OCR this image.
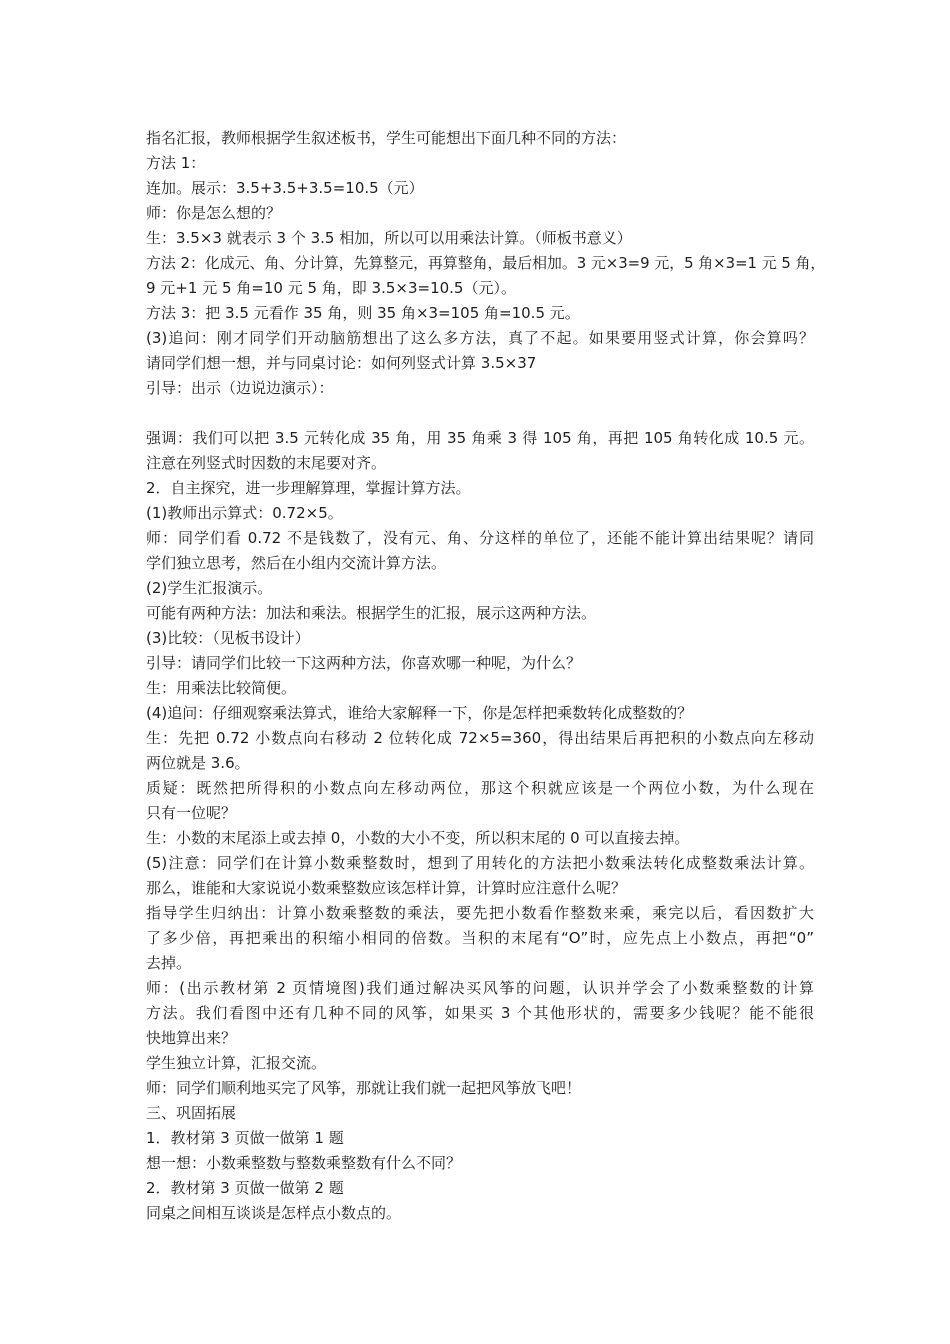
指名汇报，教师根据学生叙述板书，学生可能想出下面几种不同的方法：
方法 1：
连加。展示：3.5+3.5+3.5=10.5（元）
师：你是怎么想的？
生：3.5×3 就表示 3 个 3.5 相加，所以可以用乘法计算。（师板书意义）
方法 2：化成元、角、分计算，先算整元，再算整角，最后相加。3 元×3=9 元，5 角×3=1 元 5 角，
9 元+1 元 5 角=10 元 5 角，即 3.5×3=10.5（元）。
方法 3：把 3.5 元看作 35 角，则 35 角×3=105 角=10.5 元。
(3)追问：刚才同学们开动脑筋想出了这么多方法，真了不起。如果要用竖式计算，你会算吗？
请同学们想一想，并与同桌讨论：如何列竖式计算 3.5×37
引导：出示（边说边演示）：
强调：我们可以把 3.5 元转化成 35 角，用 35 角乘 3 得 105 角，再把 105 角转化成 10.5 元。
注意在列竖式时因数的末尾要对齐。
2．自主探究，进一步理解算理，掌握计算方法。
(1)教师出示算式：0.72×5。
师：同学们看 0.72 不是钱数了，没有元、角、分这样的单位了，还能不能计算出结果呢？请同
学们独立思考，然后在小组内交流计算方法。
(2)学生汇报演示。
可能有两种方法：加法和乘法。根据学生的汇报，展示这两种方法。
(3)比较：（见板书设计）
引导：请同学们比较一下这两种方法，你喜欢哪一种呢，为什么？
生：用乘法比较简便。
(4)追问：仔细观察乘法算式，谁给大家解释一下，你是怎样把乘数转化成整数的？
生：先把 0.72 小数点向右移动 2 位转化成 72×5=360，得出结果后再把积的小数点向左移动
两位就是 3.6。
质疑：既然把所得积的小数点向左移动两位，那这个积就应该是一个两位小数，为什么现在
只有一位呢？
生：小数的末尾添上或去掉 0，小数的大小不变，所以积末尾的 0 可以直接去掉。
(5)注意：同学们在计算小数乘整数时，想到了用转化的方法把小数乘法转化成整数乘法计算。
那么，谁能和大家说说小数乘整数应该怎样计算，计算时应注意什么呢？
指导学生归纳出：计算小数乘整数的乘法，要先把小数看作整数来乘，乘完以后，看因数扩大
了多少倍，再把乘出的积缩小相同的倍数。当积的末尾有“O”时，应先点上小数点，再把“0”
去掉。
师：(出示教材第 2 页情境图)我们通过解决买风筝的问题，认识并学会了小数乘整数的计算
方法。我们看图中还有几种不同的风筝，如果买 3 个其他形状的，需要多少钱呢？能不能很
快地算出来？
学生独立计算，汇报交流。
师：同学们顺利地买完了风筝，那就让我们就一起把风筝放飞吧！
三、巩固拓展
1．教材第 3 页做一做第 1 题
想一想：小数乘整数与整数乘整数有什么不同？
2．教材第 3 页做一做第 2 题
同桌之间相互谈谈是怎样点小数点的。
